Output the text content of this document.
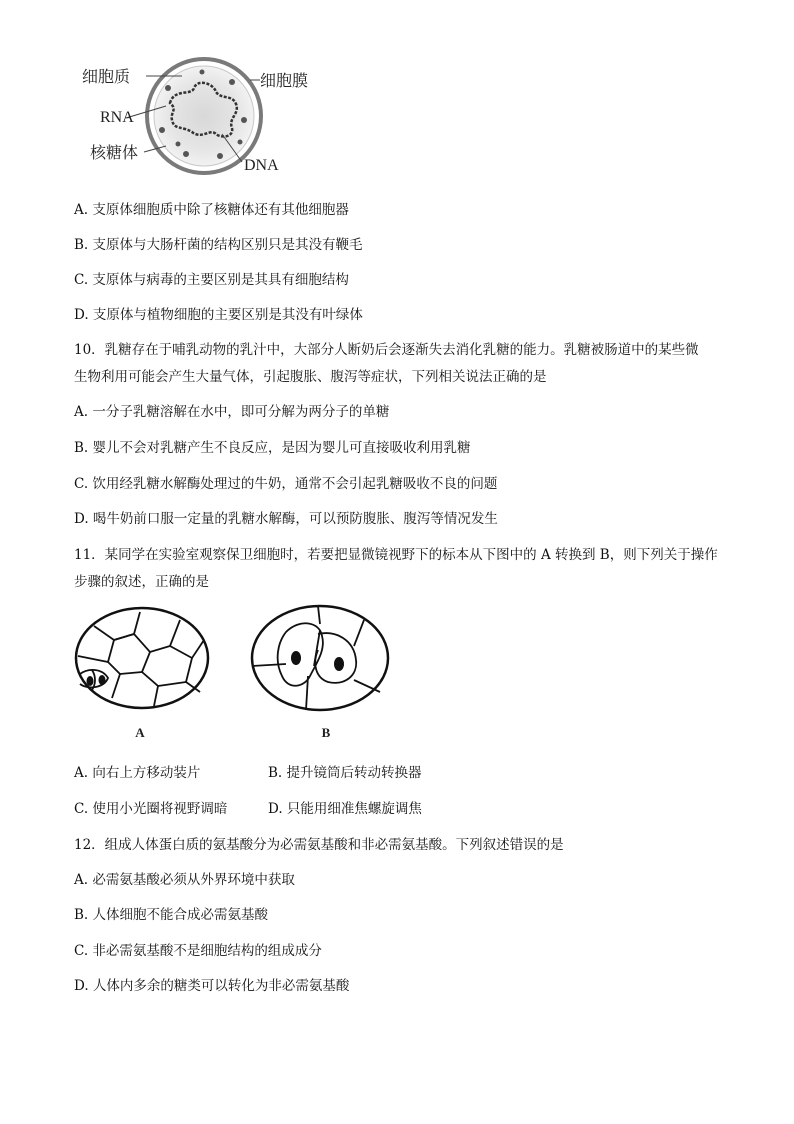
细胞质	细胞膜
RNA
核糖体
DNA
A. 支原体细胞质中除了核糖体还有其他细胞器
B. 支原体与大肠杆菌的结构区别只是其没有鞭毛
C. 支原体与病毒的主要区别是其具有细胞结构
D. 支原体与植物细胞的主要区别是其没有叶绿体
10．乳糖存在于哺乳动物的乳汁中，大部分人断奶后会逐渐失去消化乳糖的能力。乳糖被肠道中的某些微
生物利用可能会产生大量气体，引起腹胀、腹泻等症状，下列相关说法正确的是
A. 一分子乳糖溶解在水中，即可分解为两分子的单糖
B. 婴儿不会对乳糖产生不良反应，是因为婴儿可直接吸收利用乳糖
C. 饮用经乳糖水解酶处理过的牛奶，通常不会引起乳糖吸收不良的问题
D. 喝牛奶前口服一定量的乳糖水解酶，可以预防腹胀、腹泻等情况发生
11．某同学在实验室观察保卫细胞时，若要把显微镜视野下的标本从下图中的 A 转换到 B，则下列关于操作
步骤的叙述，正确的是
A	B
A. 向右上方移动装片	B. 提升镜筒后转动转换器
C. 使用小光圈将视野调暗	D. 只能用细准焦螺旋调焦
12．组成人体蛋白质的氨基酸分为必需氨基酸和非必需氨基酸。下列叙述错误的是
A. 必需氨基酸必须从外界环境中获取
B. 人体细胞不能合成必需氨基酸
C. 非必需氨基酸不是细胞结构的组成成分
D. 人体内多余的糖类可以转化为非必需氨基酸
